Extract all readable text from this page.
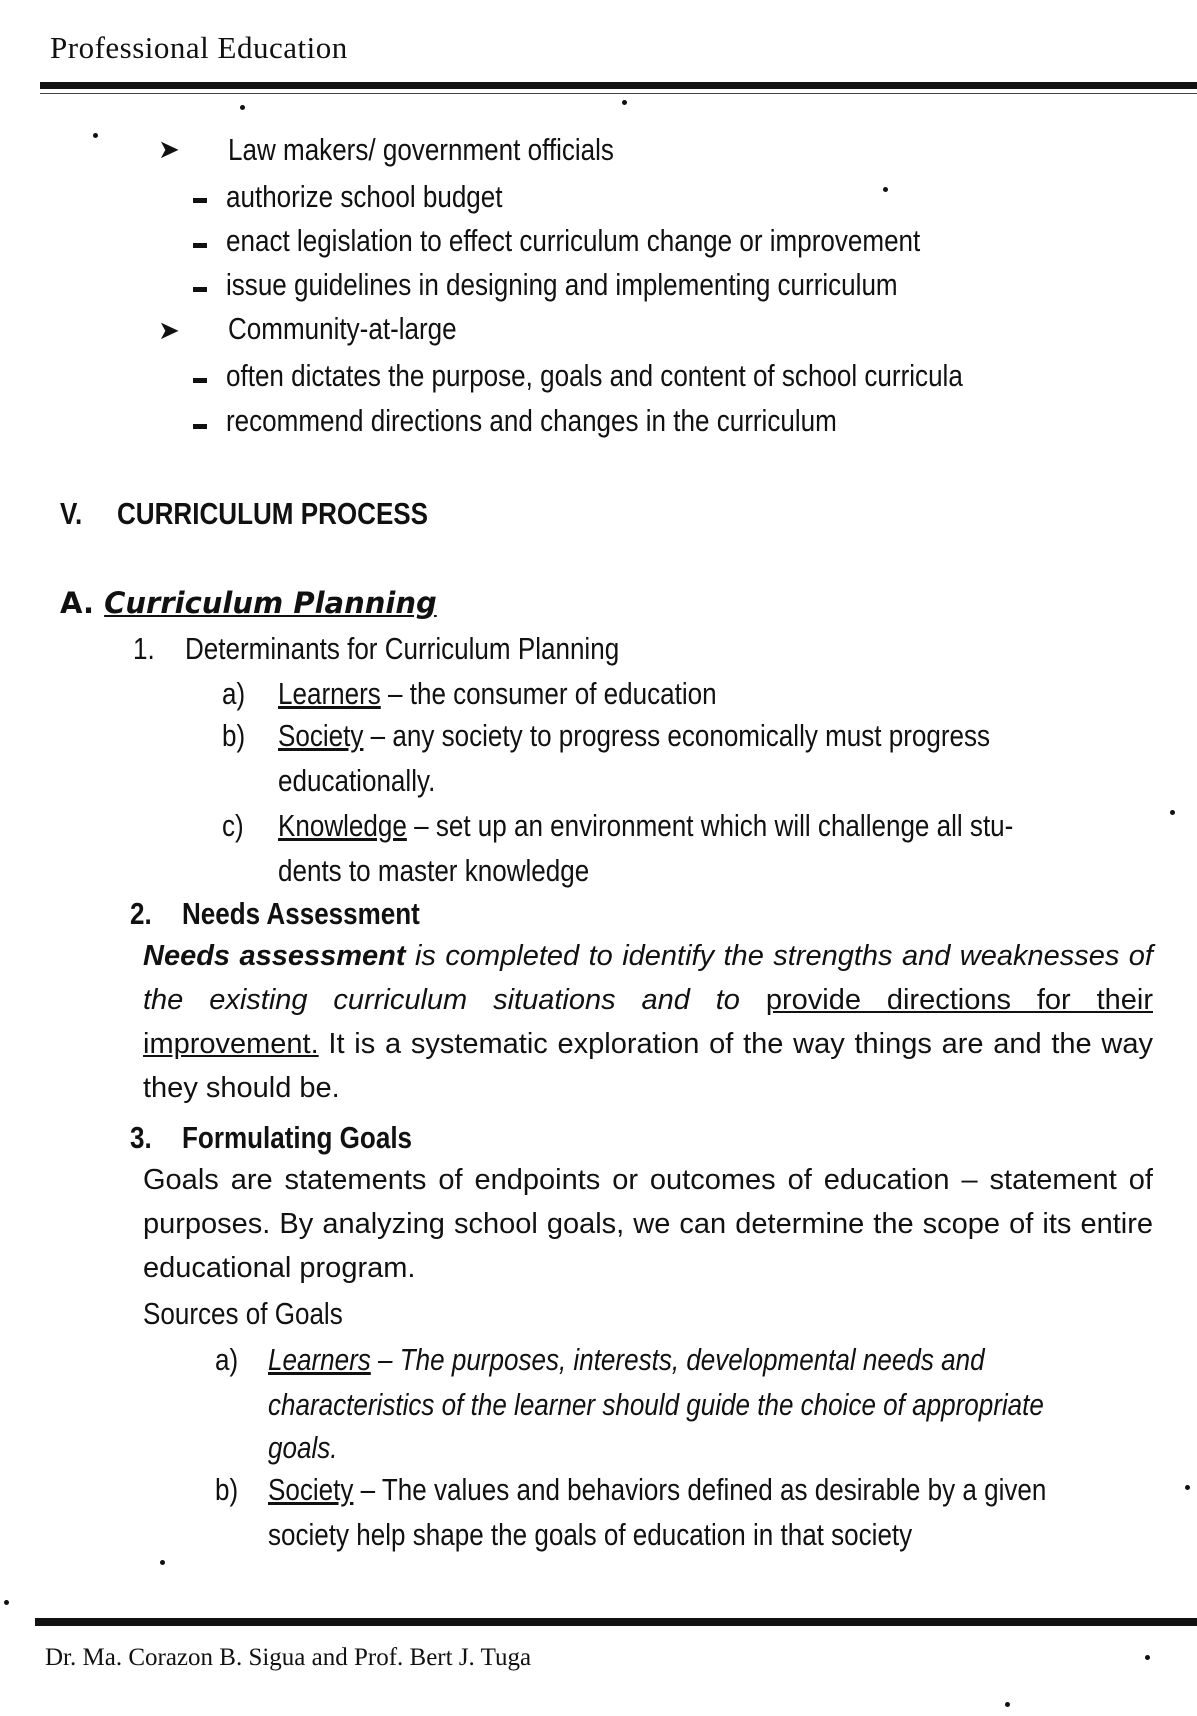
Professional Education
➤ Law makers/ government officials
authorize school budget
enact legislation to effect curriculum change or improvement
issue guidelines in designing and implementing curriculum
➤ Community-at-large
often dictates the purpose, goals and content of school curricula
recommend directions and changes in the curriculum
V. CURRICULUM PROCESS
A. Curriculum Planning
1. Determinants for Curriculum Planning
a) Learners – the consumer of education
b) Society – any society to progress economically must progress
educationally.
c) Knowledge – set up an environment which will challenge all stu-
dents to master knowledge
2. Needs Assessment
Needs assessment is completed to identify the strengths and weaknesses of the existing curriculum situations and to provide directions for their improvement. It is a systematic exploration of the way things are and the way they should be.
3. Formulating Goals
Goals are statements of endpoints or outcomes of education – statement of purposes. By analyzing school goals, we can determine the scope of its entire educational program.
Sources of Goals
a) Learners – The purposes, interests, developmental needs and
characteristics of the learner should guide the choice of appropriate
goals.
b) Society – The values and behaviors defined as desirable by a given
society help shape the goals of education in that society
Dr. Ma. Corazon B. Sigua and Prof. Bert J. Tuga
